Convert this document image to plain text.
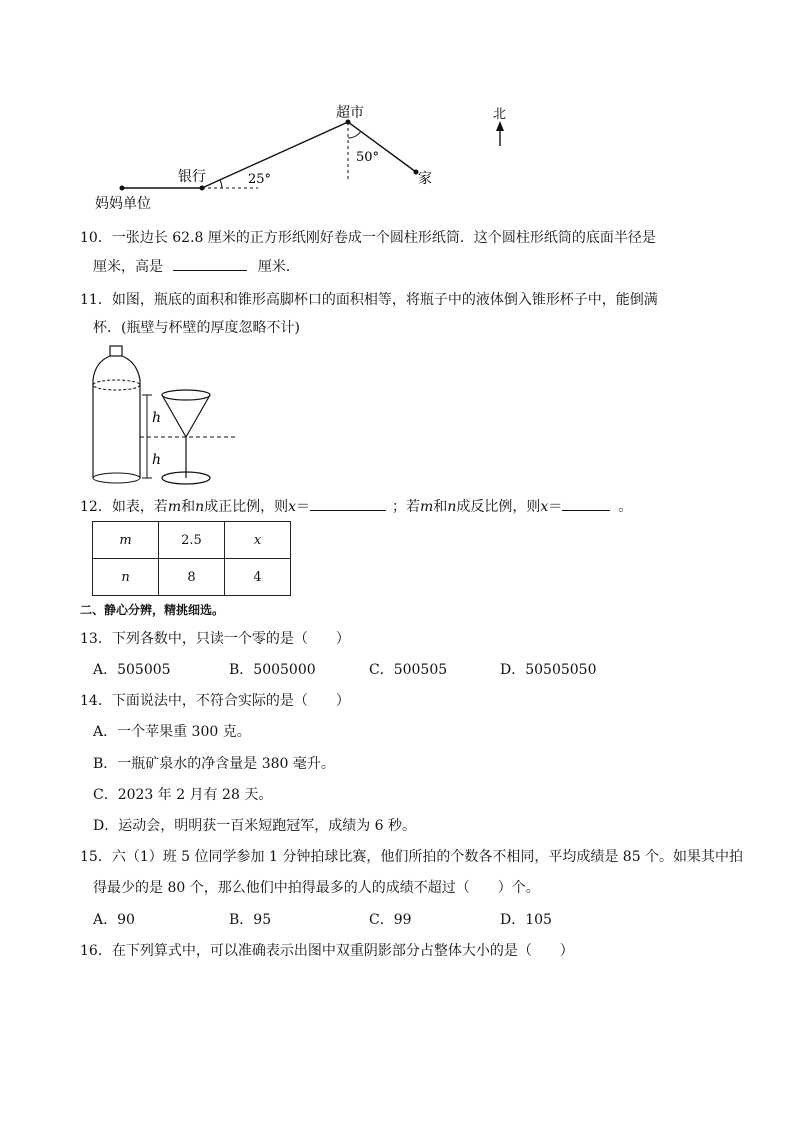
超市	北
银行	25°
50°
家
妈妈单位
10．一张边长 62.8 厘米的正方形纸刚好卷成一个圆柱形纸筒．这个圆柱形纸筒的底面半径是
厘米，高是	厘米．
11．如图，瓶底的面积和锥形高脚杯口的面积相等，将瓶子中的液体倒入锥形杯子中，能倒满
杯．(瓶壁与杯壁的厚度忽略不计)
h
h
12．如表，若m和n成正比例，则x＝	；若m和n成反比例，则x＝	。
m	2.5	x
n	8	4
二、静心分辨，精挑细选。
13．下列各数中，只读一个零的是（　　）
A．505005	B．5005000	C．500505	D．50505050
14．下面说法中，不符合实际的是（　　）
A．一个苹果重 300 克。
B．一瓶矿泉水的净含量是 380 毫升。
C．2023 年 2 月有 28 天。
D．运动会，明明获一百米短跑冠军，成绩为 6 秒。
15．六（1）班 5 位同学参加 1 分钟拍球比赛，他们所拍的个数各不相同，平均成绩是 85 个。如果其中拍
得最少的是 80 个，那么他们中拍得最多的人的成绩不超过（　　）个。
A．90	B．95	C．99	D．105
16．在下列算式中，可以准确表示出图中双重阴影部分占整体大小的是（　　）
